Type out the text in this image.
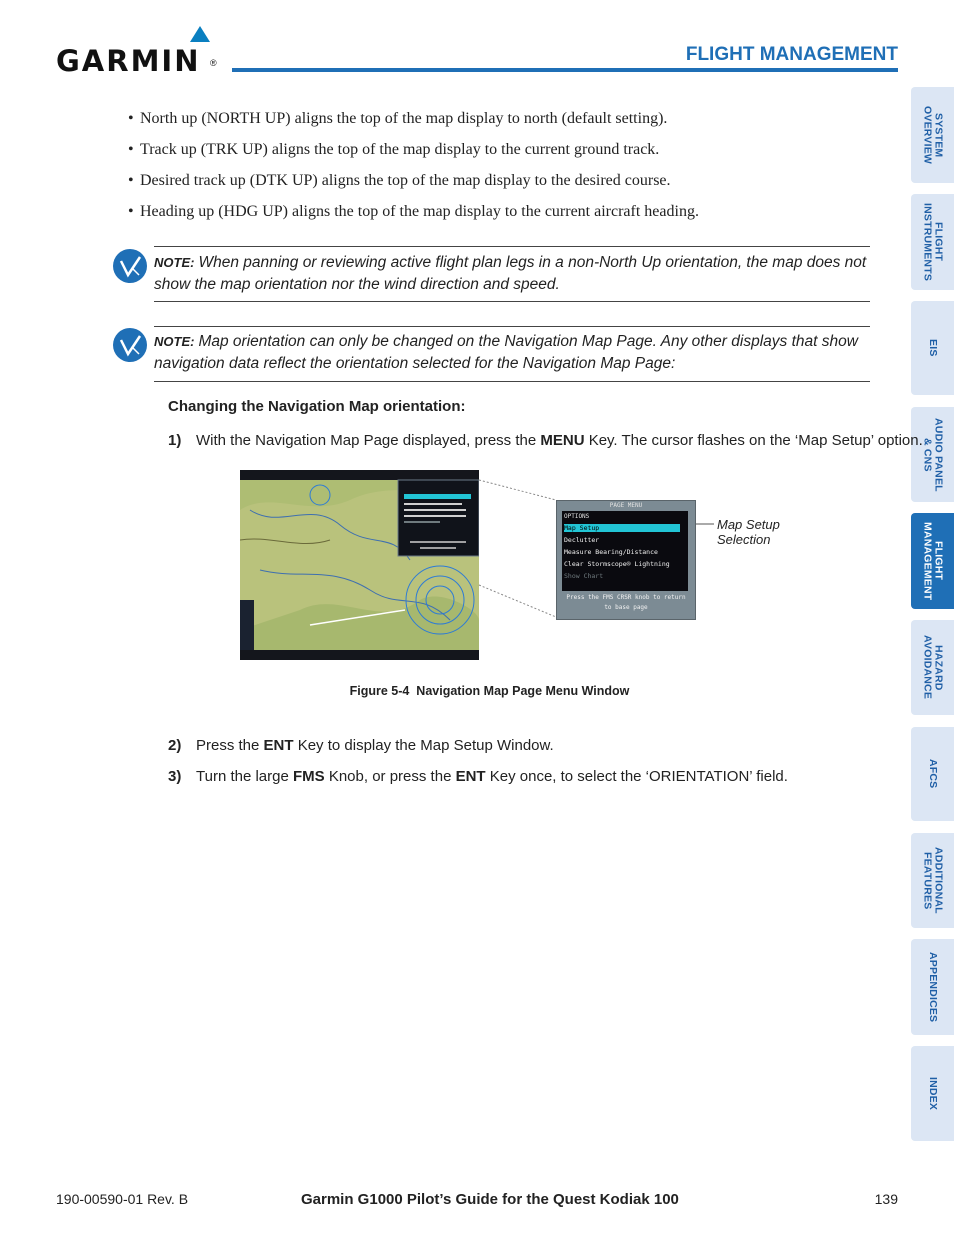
GARMIN ®	FLIGHT MANAGEMENT
SYSTEM
OVERVIEW
FLIGHT
INSTRUMENTS
EIS
AUDIO PANEL
& CNS
FLIGHT
MANAGEMENT
HAZARD
AVOIDANCE
AFCS
ADDITIONAL
FEATURES
APPENDICES
INDEX
• North up (NORTH UP) aligns the top of the map display to north (default setting).
• Track up (TRK UP) aligns the top of the map display to the current ground track.
• Desired track up (DTK UP) aligns the top of the map display to the desired course.
• Heading up (HDG UP) aligns the top of the map display to the current aircraft heading.
NOTE: When panning or reviewing active flight plan legs in a non-North Up orientation, the map does not show the map orientation nor the wind direction and speed.
NOTE: Map orientation can only be changed on the Navigation Map Page. Any other displays that show navigation data reflect the orientation selected for the Navigation Map Page:
Changing the Navigation Map orientation:
1) With the Navigation Map Page displayed, press the MENU Key. The cursor flashes on the ‘Map Setup’ option.
PAGE MENU
OPTIONS
Map Setup
Declutter
Measure Bearing/Distance
Clear Stormscope® Lightning
Show Chart
Press the FMS CRSR knob to return
to base page
Map Setup
Selection
Figure 5-4 Navigation Map Page Menu Window
2) Press the ENT Key to display the Map Setup Window.
3) Turn the large FMS Knob, or press the ENT Key once, to select the ‘ORIENTATION’ field.
190-00590-01 Rev. B	Garmin G1000 Pilot’s Guide for the Quest Kodiak 100	139
